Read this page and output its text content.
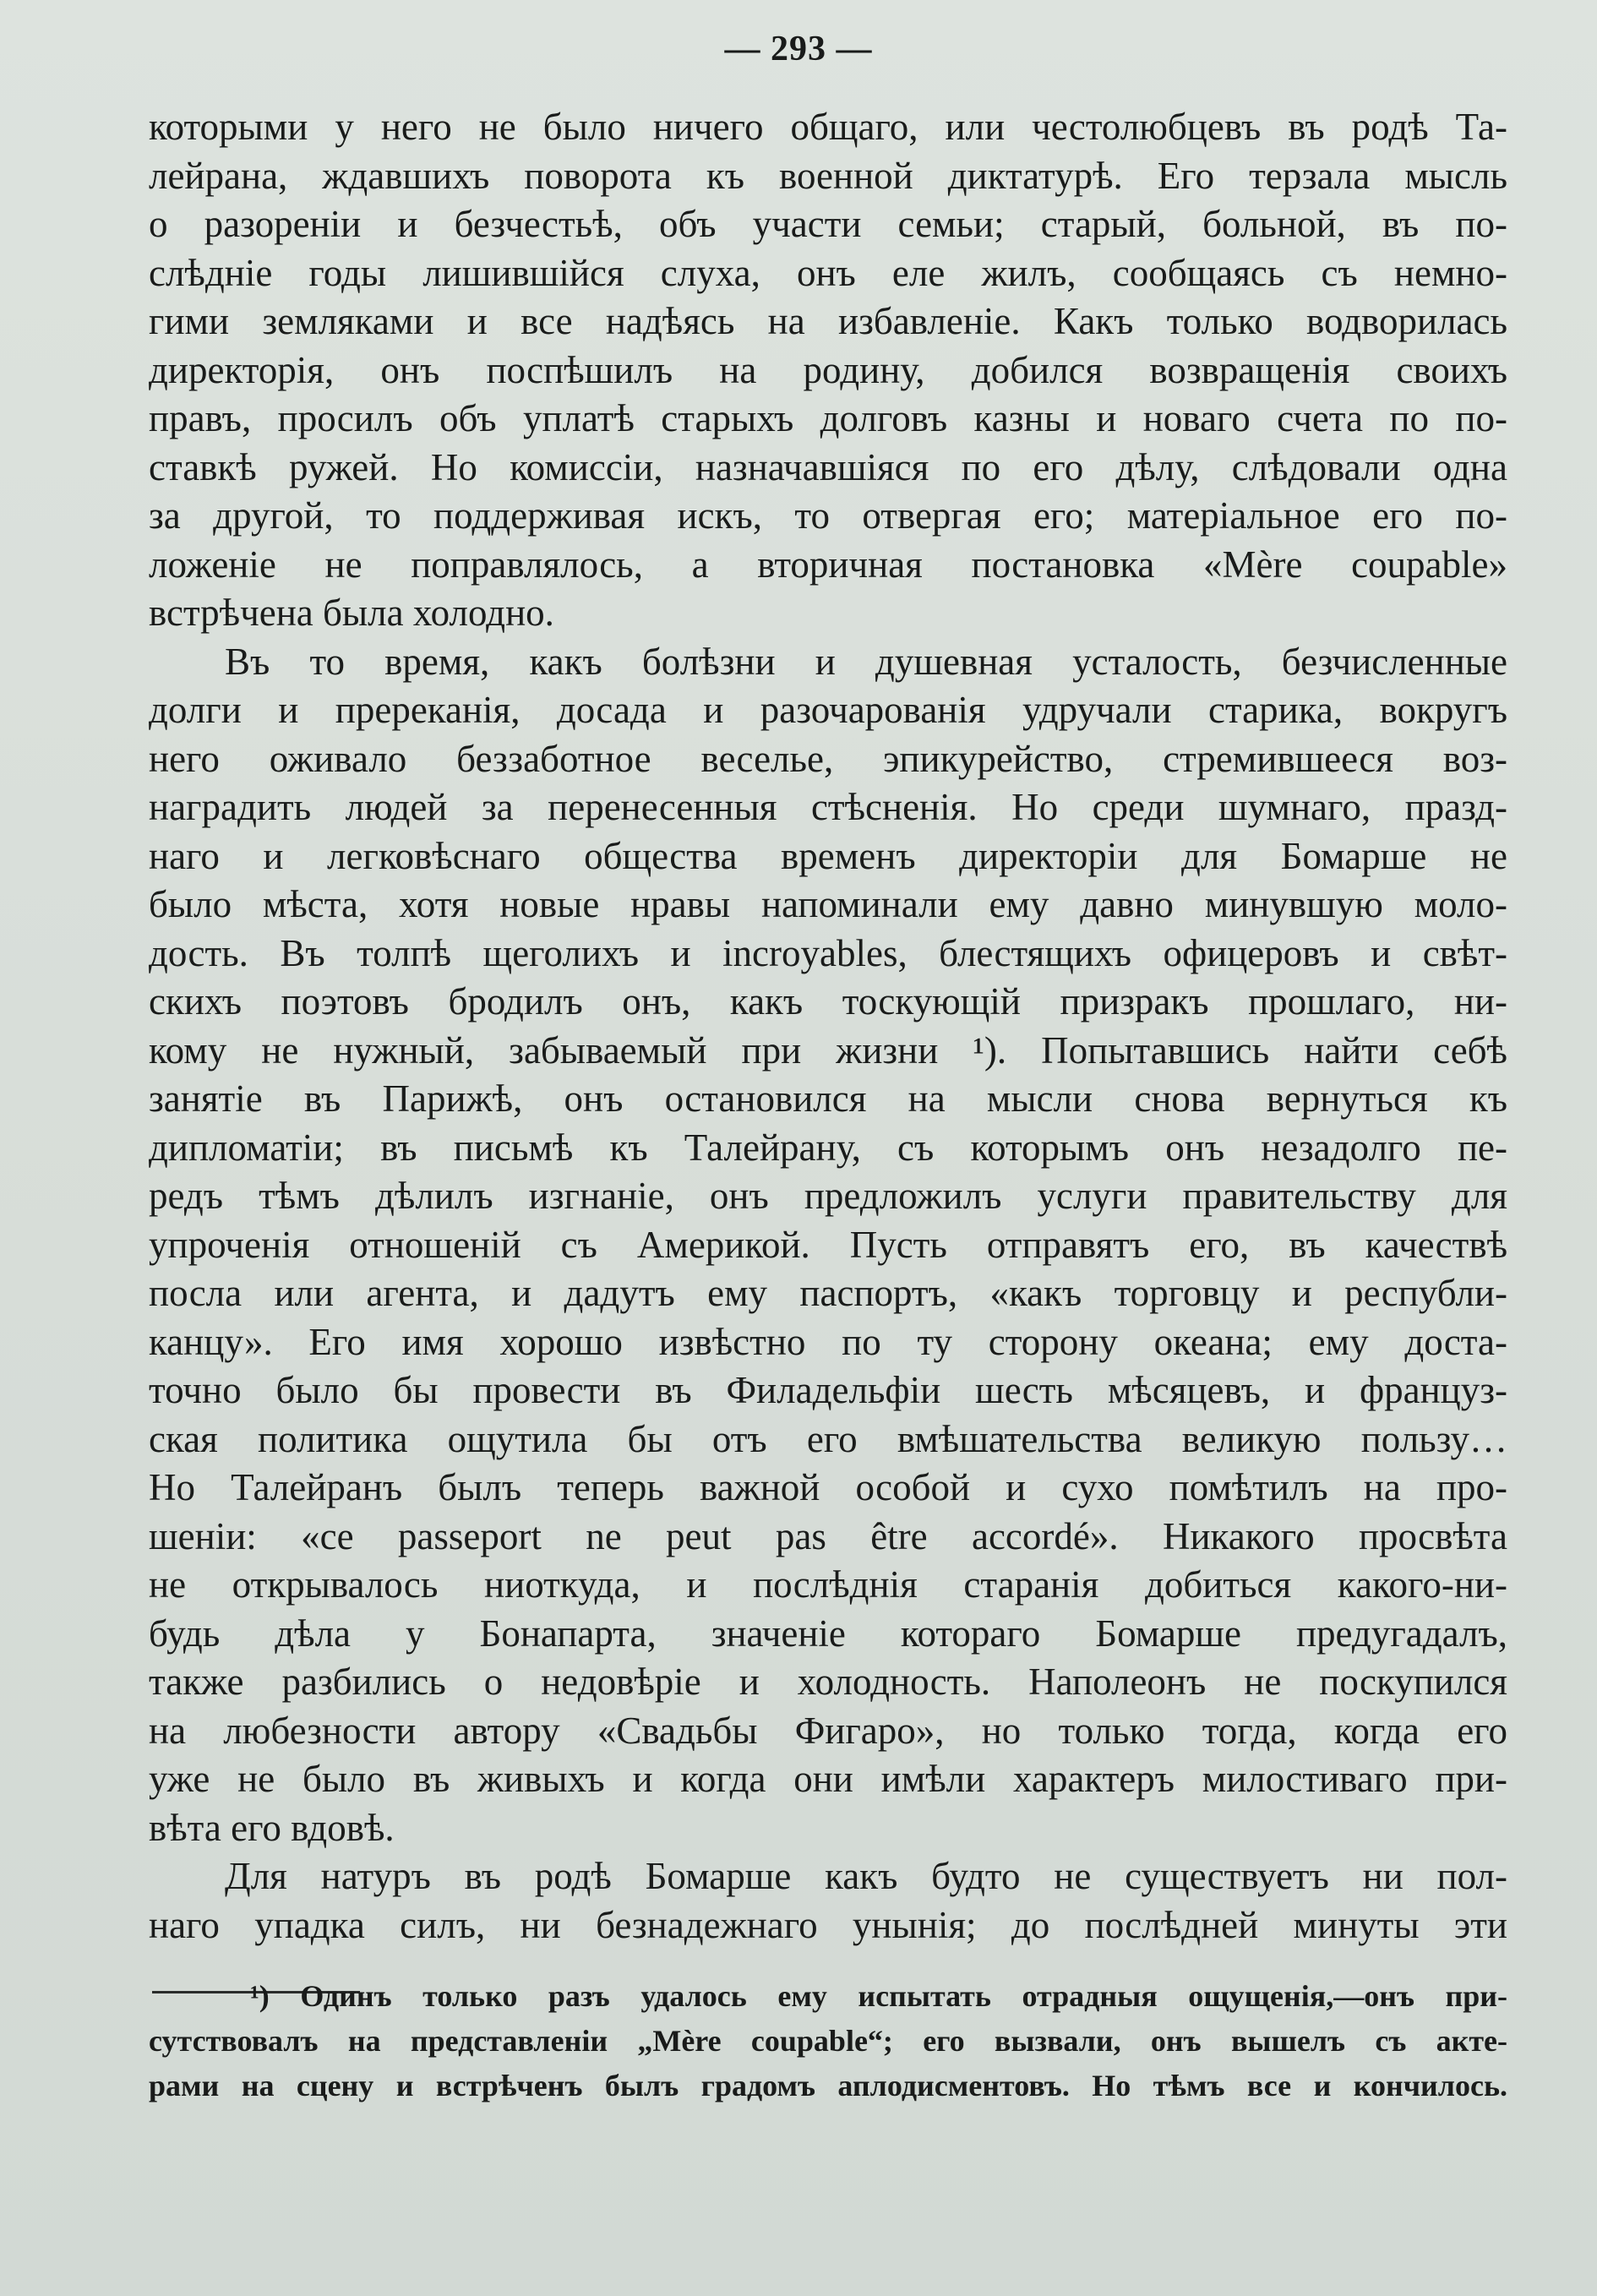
— 293 —
которыми у него не было ничего общаго, или честолюбцевъ въ родѣ Та-
лейрана, ждавшихъ поворота къ военной диктатурѣ. Его терзала мысль
о разореніи и безчестьѣ, объ участи семьи; старый, больной, въ по-
слѣдніе годы лишившійся слуха, онъ еле жилъ, сообщаясь съ немно-
гими земляками и все надѣясь на избавленіе. Какъ только водворилась
директорія, онъ поспѣшилъ на родину, добился возвращенія своихъ
правъ, просилъ объ уплатѣ старыхъ долговъ казны и новаго счета по по-
ставкѣ ружей. Но комиссіи, назначавшіяся по его дѣлу, слѣдовали одна
за другой, то поддерживая искъ, то отвергая его; матеріальное его по-
ложеніе не поправлялось, а вторичная постановка «Mère coupable»
встрѣчена была холодно.
Въ то время, какъ болѣзни и душевная усталость, безчисленные
долги и пререканія, досада и разочарованія удручали старика, вокругъ
него оживало беззаботное веселье, эпикурейство, стремившееся воз-
наградить людей за перенесенныя стѣсненія. Но среди шумнаго, празд-
наго и легковѣснаго общества временъ директоріи для Бомарше не
было мѣста, хотя новые нравы напоминали ему давно минувшую моло-
дость. Въ толпѣ щеголихъ и incroyables, блестящихъ офицеровъ и свѣт-
скихъ поэтовъ бродилъ онъ, какъ тоскующій призракъ прошлаго, ни-
кому не нужный, забываемый при жизни ¹). Попытавшись найти себѣ
занятіе въ Парижѣ, онъ остановился на мысли снова вернуться къ
дипломатіи; въ письмѣ къ Талейрану, съ которымъ онъ незадолго пе-
редъ тѣмъ дѣлилъ изгнаніе, онъ предложилъ услуги правительству для
упроченія отношеній съ Америкой. Пусть отправятъ его, въ качествѣ
посла или агента, и дадутъ ему паспортъ, «какъ торговцу и республи-
канцу». Его имя хорошо извѣстно по ту сторону океана; ему доста-
точно было бы провести въ Филадельфіи шесть мѣсяцевъ, и француз-
ская политика ощутила бы отъ его вмѣшательства великую пользу…
Но Талейранъ былъ теперь важной особой и сухо помѣтилъ на про-
шеніи: «ce passeport ne peut pas être accordé». Никакого просвѣта
не открывалось ниоткуда, и послѣднія старанія добиться какого-ни-
будь дѣла у Бонапарта, значеніе котораго Бомарше предугадалъ,
также разбились о недовѣріе и холодность. Наполеонъ не поскупился
на любезности автору «Свадьбы Фигаро», но только тогда, когда его
уже не было въ живыхъ и когда они имѣли характеръ милостиваго при-
вѣта его вдовѣ.
Для натуръ въ родѣ Бомарше какъ будто не существуетъ ни пол-
наго упадка силъ, ни безнадежнаго унынія; до послѣдней минуты эти
¹) Одинъ только разъ удалось ему испытать отрадныя ощущенія,—онъ при-
сутствовалъ на представленіи „Mère coupable“; его вызвали, онъ вышелъ съ акте-
рами на сцену и встрѣченъ былъ градомъ аплодисментовъ. Но тѣмъ все и кончилось.
